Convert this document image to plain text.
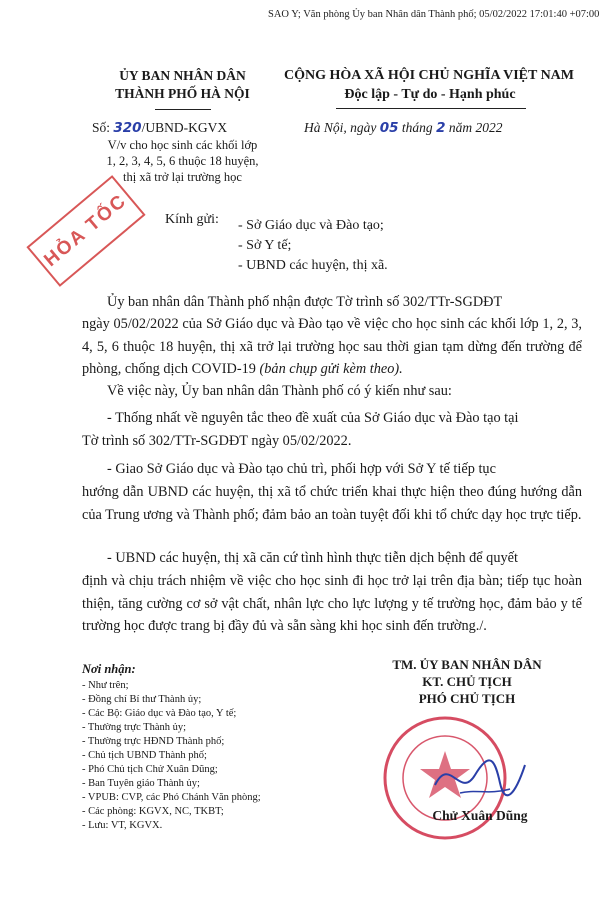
SAO Y; Văn phòng Ủy ban Nhân dân Thành phố; 05/02/2022 17:01:40 +07:00
ỦY BAN NHÂN DÂN
THÀNH PHỐ HÀ NỘI
CỘNG HÒA XÃ HỘI CHỦ NGHĨA VIỆT NAM
Độc lập - Tự do - Hạnh phúc
Số: 320/UBND-KGVX	Hà Nội, ngày 05 tháng 2 năm 2022
V/v cho học sinh các khối lớp
1, 2, 3, 4, 5, 6 thuộc 18 huyện,
thị xã trở lại trường học
HỎA TỐC Kính gửi: - Sở Giáo dục và Đào tạo;
- Sở Y tế;
- UBND các huyện, thị xã.
Ủy ban nhân dân Thành phố nhận được Tờ trình số 302/TTr-SGDĐT
ngày 05/02/2022 của Sở Giáo dục và Đào tạo về việc cho học sinh các khối lớp 1, 2, 3, 4, 5, 6 thuộc 18 huyện, thị xã trở lại trường học sau thời gian tạm dừng đến trường để phòng, chống dịch COVID-19 (bản chụp gửi kèm theo).
Về việc này, Ủy ban nhân dân Thành phố có ý kiến như sau:
- Thống nhất về nguyên tắc theo đề xuất của Sở Giáo dục và Đào tạo tại
Tờ trình số 302/TTr-SGDĐT ngày 05/02/2022.
- Giao Sở Giáo dục và Đào tạo chủ trì, phối hợp với Sở Y tế tiếp tục
hướng dẫn UBND các huyện, thị xã tổ chức triển khai thực hiện theo đúng hướng dẫn của Trung ương và Thành phố; đảm bảo an toàn tuyệt đối khi tổ chức dạy học trực tiếp.
- UBND các huyện, thị xã căn cứ tình hình thực tiễn dịch bệnh để quyết
định và chịu trách nhiệm về việc cho học sinh đi học trở lại trên địa bàn; tiếp tục hoàn thiện, tăng cường cơ sở vật chất, nhân lực cho lực lượng y tế trường học, đảm bảo y tế trường học được trang bị đầy đủ và sẵn sàng khi học sinh đến trường./.
Nơi nhận:
- Như trên;
- Đồng chí Bí thư Thành ủy;
- Các Bộ: Giáo dục và Đào tạo, Y tế;
- Thường trực Thành ủy;
- Thường trực HĐND Thành phố;
- Chủ tịch UBND Thành phố;
- Phó Chủ tịch Chử Xuân Dũng;
- Ban Tuyên giáo Thành ủy;
- VPUB: CVP, các Phó Chánh Văn phòng;
- Các phòng: KGVX, NC, TKBT;
- Lưu: VT, KGVX.
TM. ỦY BAN NHÂN DÂN
KT. CHỦ TỊCH
PHÓ CHỦ TỊCH
Chử Xuân Dũng
